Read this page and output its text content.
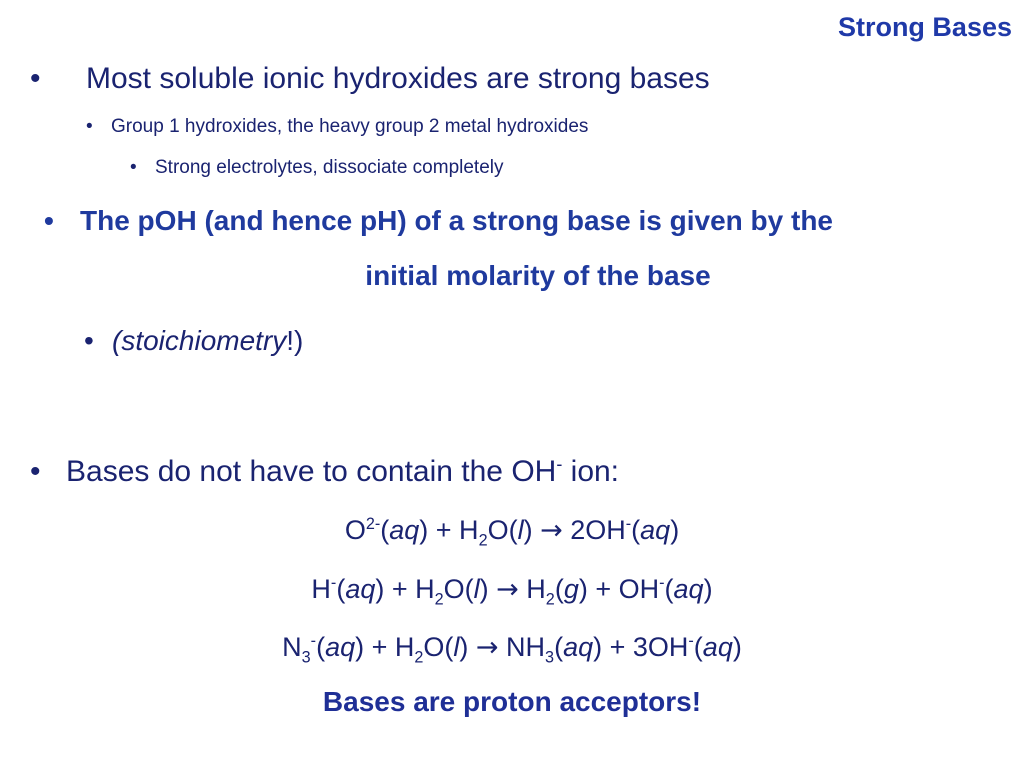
Strong Bases
• Most soluble ionic hydroxides are strong bases
• Group 1 hydroxides, the heavy group 2 metal hydroxides
• Strong electrolytes, dissociate completely
• The pOH (and hence pH) of a strong base is given by the
initial molarity of the base
• (stoichiometry!)
• Bases do not have to contain the OH- ion:
$O^{2-}(aq) + H_2O(l) \to 2OH^-(aq)$
$H^-(aq) + H_2O(l) \to H_2(g) + OH^-(aq)$
$N_3^-(aq) + H_2O(l) \to NH_3(aq) + 3OH^-(aq)$
Bases are proton acceptors!
